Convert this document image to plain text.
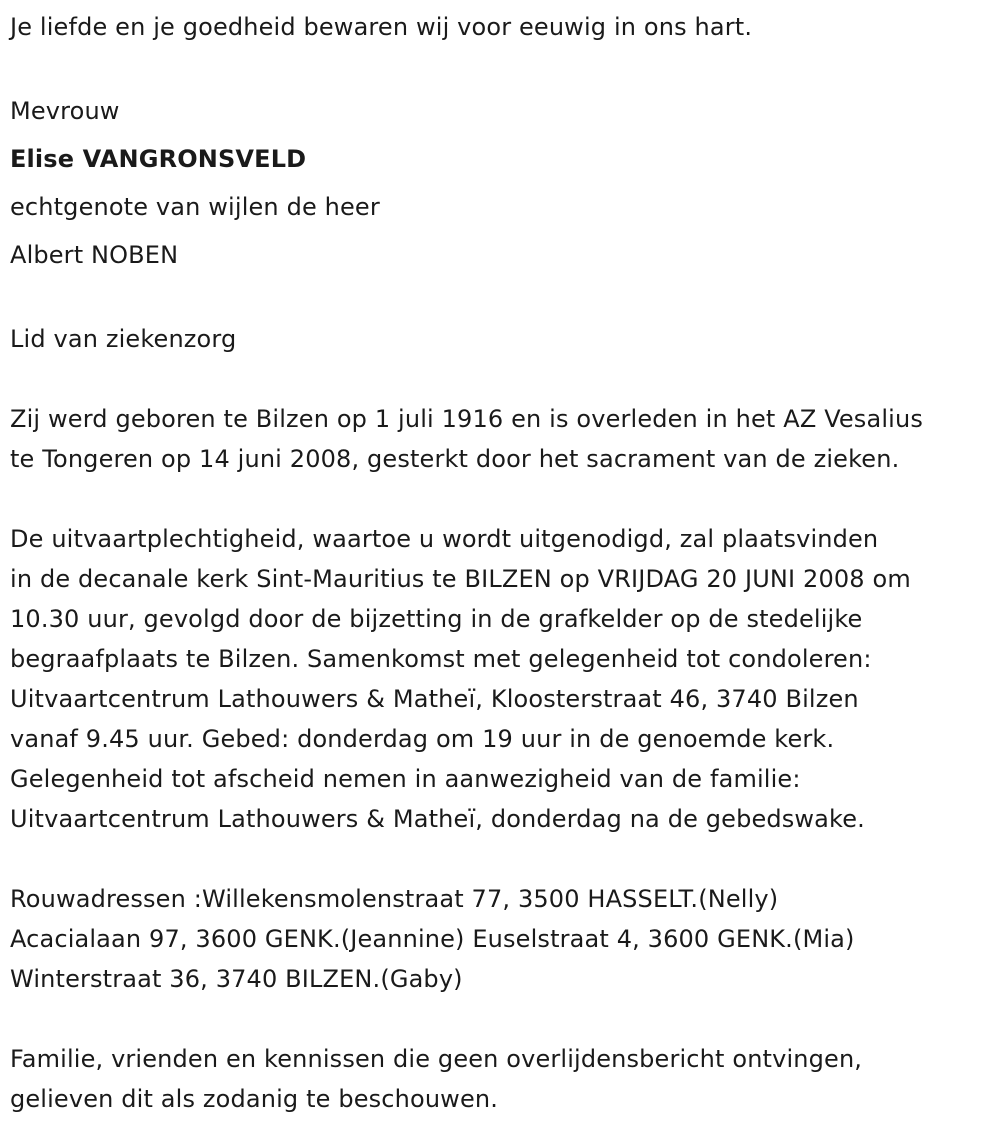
Je liefde en je goedheid bewaren wij voor eeuwig in ons hart.

Mevrouw

Elise VANGRONSVELD

echtgenote van wijlen de heer

Albert NOBEN

Lid van ziekenzorg

Zij werd geboren te Bilzen op 1 juli 1916 en is overleden in het AZ Vesalius

te Tongeren op 14 juni 2008, gesterkt door het sacrament van de zieken.

De uitvaartplechtigheid, waartoe u wordt uitgenodigd, zal plaatsvinden

in de decanale kerk Sint-Mauritius te BILZEN op VRIJDAG 20 JUNI 2008 om

10.30 uur, gevolgd door de bijzetting in de grafkelder op de stedelijke

begraafplaats te Bilzen. Samenkomst met gelegenheid tot condoleren:

Uitvaartcentrum Lathouwers & Matheï, Kloosterstraat 46, 3740 Bilzen

vanaf 9.45 uur. Gebed: donderdag om 19 uur in de genoemde kerk.

Gelegenheid tot afscheid nemen in aanwezigheid van de familie:

Uitvaartcentrum Lathouwers & Matheï, donderdag na de gebedswake.

Rouwadressen :Willekensmolenstraat 77, 3500 HASSELT.(Nelly)

Acacialaan 97, 3600 GENK.(Jeannine) Euselstraat 4, 3600 GENK.(Mia)

Winterstraat 36, 3740 BILZEN.(Gaby)

Familie, vrienden en kennissen die geen overlijdensbericht ontvingen,

gelieven dit als zodanig te beschouwen.
